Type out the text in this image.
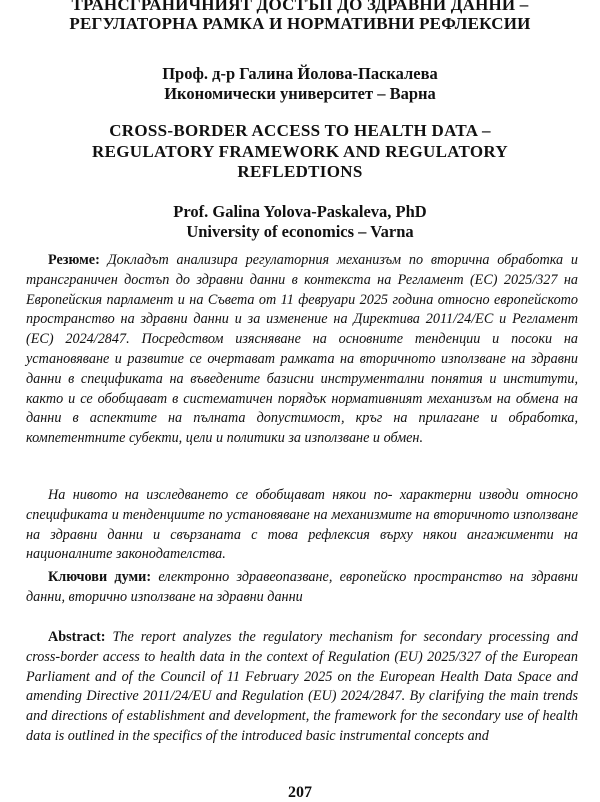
ТРАНСГРАНИЧНИЯТ ДОСТЪП ДО ЗДРАВНИ ДАННИ –
РЕГУЛАТОРНА РАМКА И НОРМАТИВНИ РЕФЛЕКСИИ
Проф. д-р Галина Йолова-Паскалева
Икономически университет – Варна
CROSS-BORDER ACCESS TO HEALTH DATA –
REGULATORY FRAMEWORK AND REGULATORY
REFLEDTIONS
Prof. Galina Yolova-Paskaleva, PhD
University of economics – Varna

Резюме: Докладът анализира регулаторния механизъм по вторична обработка и трансграничен достъп до здравни данни в контекста на Регламент (ЕС) 2025/327 на Европейския парламент и на Съвета от 11 февруари 2025 година относно европейското пространство на здравни данни и за изменение на Директива 2011/24/ЕС и Регламент (ЕС) 2024/2847. Посредством изясняване на основните тенденции и посоки на установяване и развитие се очертават рамката на вторичното използване на здравни данни в спецификата на въведените базисни инструментални понятия и институти, както и се обобщават в систематичен порядък нормативният механизъм на обмена на данни в аспектите на пълната допустимост, кръг на прилагане и обработка, компетентните субекти, цели и политики за използване и обмен.

На нивото на изследването се обобщават някои по- характерни изводи относно спецификата и тенденциите по установяване на механизмите на вторичното използване на здравни данни и свързаната с това рефлексия върху някои ангажименти на националните законодателства.

Ключови думи: електронно здравеопазване, европейско пространство на здравни данни, вторично използване на здравни данни

Abstract: The report analyzes the regulatory mechanism for secondary processing and cross-border access to health data in the context of Regulation (EU) 2025/327 of the European Parliament and of the Council of 11 February 2025 on the European Health Data Space and amending Directive 2011/24/EU and Regulation (EU) 2024/2847. By clarifying the main trends and directions of establishment and development, the framework for the secondary use of health data is outlined in the specifics of the introduced basic instrumental concepts and

207
